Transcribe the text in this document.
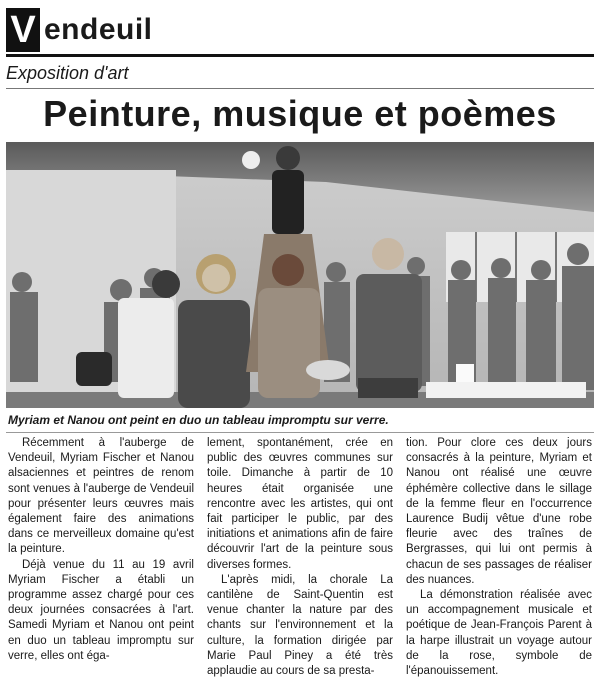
V endeuil
Exposition d'art
Peinture, musique et poèmes
Myriam et Nanou ont peint en duo un tableau impromptu sur verre.

Récemment à l'auberge de Vendeuil, Myriam Fischer et Nanou alsaciennes et peintres de renom sont venues à l'auberge de Vendeuil pour présenter leurs œuvres mais également faire des animations dans ce merveilleux domaine qu'est la peinture.

Déjà venue du 11 au 19 avril Myriam Fischer a établi un programme assez chargé pour ces deux journées consacrées à l'art. Samedi Myriam et Nanou ont peint en duo un tableau impromptu sur verre, elles ont éga-

lement, spontanément, crée en public des œuvres communes sur toile. Dimanche à partir de 10 heures était organisée une rencontre avec les artistes, qui ont fait participer le public, par des initiations et animations afin de faire découvrir l'art de la peinture sous diverses formes.

L'après midi, la chorale La cantilène de Saint-Quentin est venue chanter la nature par des chants sur l'environnement et la culture, la formation dirigée par Marie Paul Piney a été très applaudie au cours de sa presta-

tion. Pour clore ces deux jours consacrés à la peinture, Myriam et Nanou ont réalisé une œuvre éphémère collective dans le sillage de la femme fleur en l'occurrence Laurence Budij vêtue d'une robe fleurie avec des traînes de Bergrasses, qui lui ont permis à chacun de ses passages de réaliser des nuances.

La démonstration réalisée avec un accompagnement musicale et poétique de Jean-François Parent à la harpe illustrait un voyage autour de la rose, symbole de l'épanouissement.
